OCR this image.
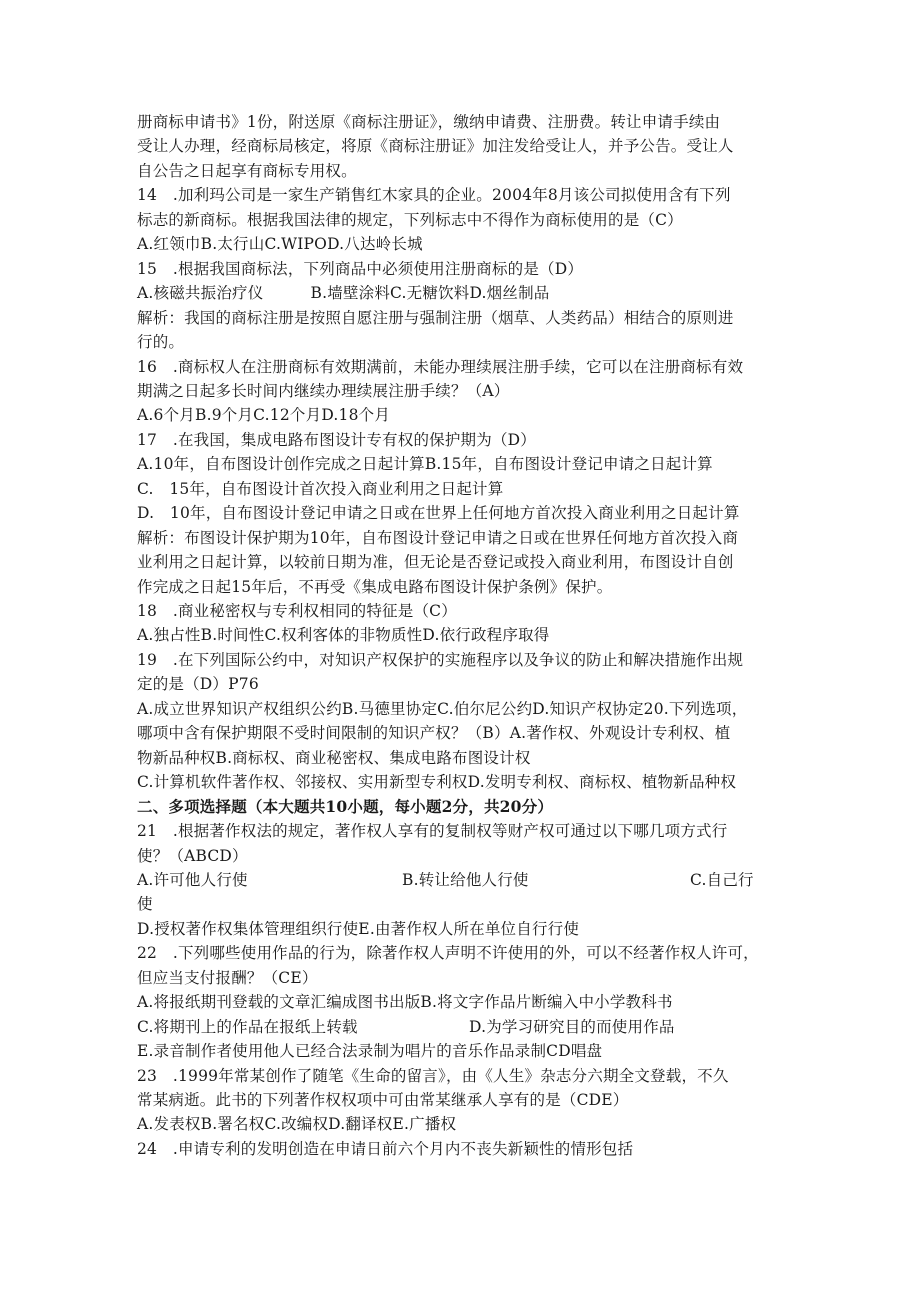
册商标申请书》1份，附送原《商标注册证》，缴纳申请费、注册费。转让申请手续由
受让人办理，经商标局核定，将原《商标注册证》加注发给受让人，并予公告。受让人
自公告之日起享有商标专用权。
14　.加利玛公司是一家生产销售红木家具的企业。2004年8月该公司拟使用含有下列
标志的新商标。根据我国法律的规定，下列标志中不得作为商标使用的是（C）
A.红领巾B.太行山C.WIPOD.八达岭长城
15　.根据我国商标法，下列商品中必须使用注册商标的是（D）
A.核磁共振治疗仪　　　B.墙壁涂料C.无糖饮料D.烟丝制品
解析：我国的商标注册是按照自愿注册与强制注册（烟草、人类药品）相结合的原则进
行的。
16　.商标权人在注册商标有效期满前，未能办理续展注册手续，它可以在注册商标有效
期满之日起多长时间内继续办理续展注册手续？（A）
A.6个月B.9个月C.12个月D.18个月
17　.在我国，集成电路布图设计专有权的保护期为（D）
A.10年，自布图设计创作完成之日起计算B.15年，自布图设计登记申请之日起计算
C.　15年，自布图设计首次投入商业利用之日起计算
D.　10年，自布图设计登记申请之日或在世界上任何地方首次投入商业利用之日起计算
解析：布图设计保护期为10年，自布图设计登记申请之日或在世界任何地方首次投入商
业利用之日起计算，以较前日期为准，但无论是否登记或投入商业利用，布图设计自创
作完成之日起15年后，不再受《集成电路布图设计保护条例》保护。
18　.商业秘密权与专利权相同的特征是（C）
A.独占性B.时间性C.权利客体的非物质性D.依行政程序取得
19　.在下列国际公约中，对知识产权保护的实施程序以及争议的防止和解决措施作出规
定的是（D）P76
A.成立世界知识产权组织公约B.马德里协定C.伯尔尼公约D.知识产权协定20.下列选项，
哪项中含有保护期限不受时间限制的知识产权？（B）A.著作权、外观设计专利权、植
物新品种权B.商标权、商业秘密权、集成电路布图设计权
C.计算机软件著作权、邻接权、实用新型专利权D.发明专利权、商标权、植物新品种权
二、多项选择题（本大题共10小题，每小题2分，共20分）
21　.根据著作权法的规定，著作权人享有的复制权等财产权可通过以下哪几项方式行
使？（ABCD）
A.许可他人行使	B.转让给他人行使	C.自己行
使
D.授权著作权集体管理组织行使E.由著作权人所在单位自行行使
22　.下列哪些使用作品的行为，除著作权人声明不许使用的外，可以不经著作权人许可，
但应当支付报酬？（CE）
A.将报纸期刊登载的文章汇编成图书出版B.将文字作品片断编入中小学教科书
C.将期刊上的作品在报纸上转载	D.为学习研究目的而使用作品
E.录音制作者使用他人已经合法录制为唱片的音乐作品录制CD唱盘
23　.1999年常某创作了随笔《生命的留言》，由《人生》杂志分六期全文登载，不久
常某病逝。此书的下列著作权权项中可由常某继承人享有的是（CDE）
A.发表权B.署名权C.改编权D.翻译权E.广播权
24　.申请专利的发明创造在申请日前六个月内不丧失新颖性的情形包括
